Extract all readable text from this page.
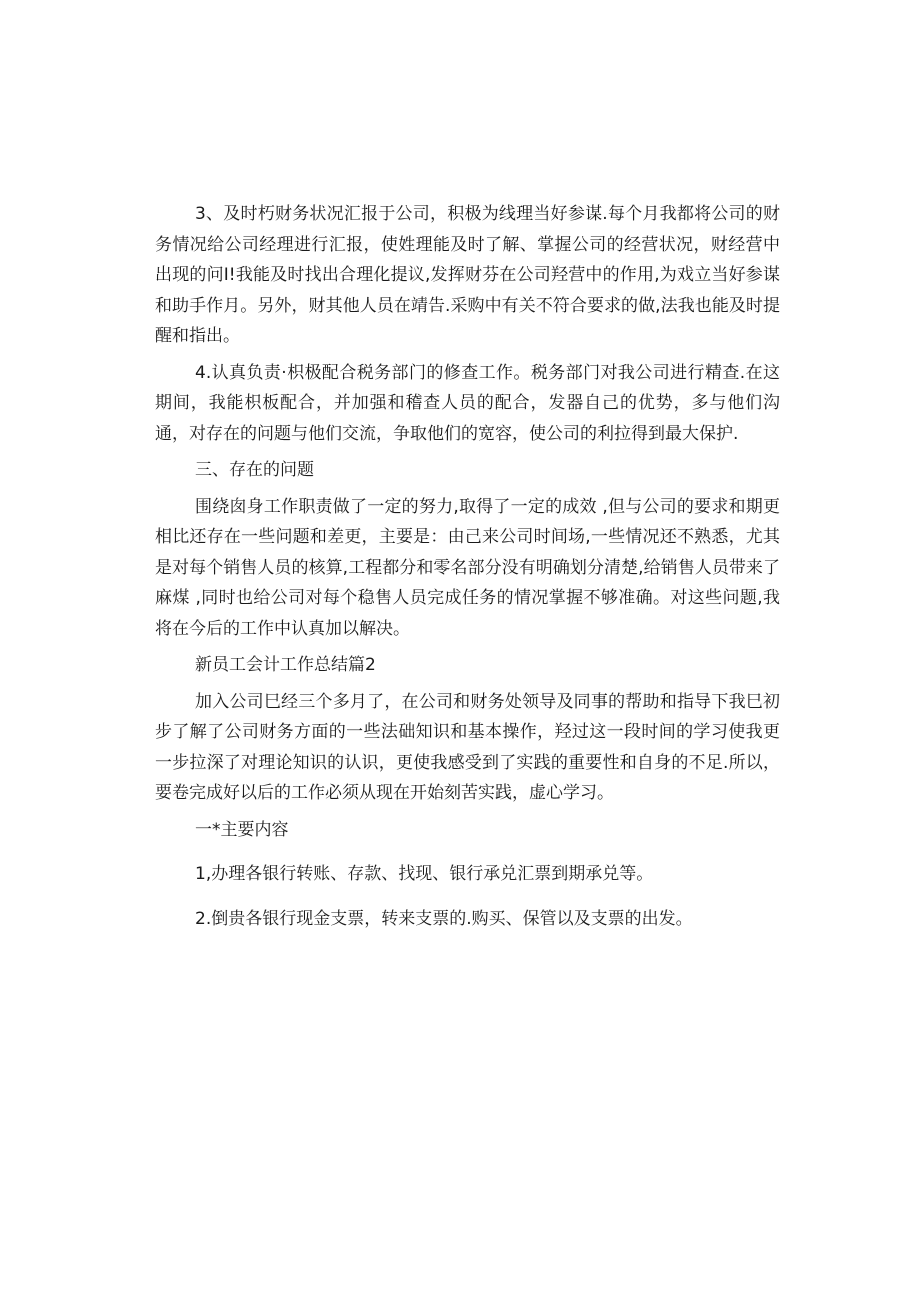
3、及时朽财务状况汇报于公司，积极为线理当好参谋.每个月我都将公司的财务情况给公司经理进行汇报，使姓理能及时了解、掌握公司的经营状况，财经营中出现的问I!我能及时找出合理化提议,发挥财芬在公司羟营中的作用,为戏立当好参谋和助手作月。另外，财其他人员在靖告.采购中有关不符合要求的做,法我也能及时提醒和指出。

4.认真负责·枳极配合税务部门的修查工作。税务部门对我公司进行精查.在这期间，我能枳板配合，并加强和稽查人员的配合，发器自己的优势，多与他们沟通，对存在的问题与他们交流，争取他们的宽容，使公司的利拉得到最大保护.

三、存在的问题

围绕囱身工作职责做了一定的努力,取得了一定的成效 ,但与公司的要求和期更相比还存在一些问题和差更，主要是：由己来公司时间场,一些情况还不熟悉，尤其是对每个销售人员的核算,工程都分和零名部分没有明确划分清楚,给销售人员带来了麻煤 ,同时也给公司对每个稳售人员完成任务的情况掌握不够准确。对这些问题,我将在今后的工作中认真加以解决。

新员工会计工作总结篇2

加入公司巳经三个多月了，在公司和财务处领导及同事的帮助和指导下我巳初步了解了公司财务方面的一些法础知识和基本操作，羟过这一段时间的学习使我更一步拉深了对理论知识的认识，更使我感受到了实践的重要性和自身的不足.所以，要卷完成好以后的工作必须从现在开始刻苦实践，虚心学习。

一*主要内容

1,办理各银行转账、存款、找现、银行承兑汇票到期承兑等。

2.倒贵各银行现金支票，转来支票的.购买、保管以及支票的出发。
